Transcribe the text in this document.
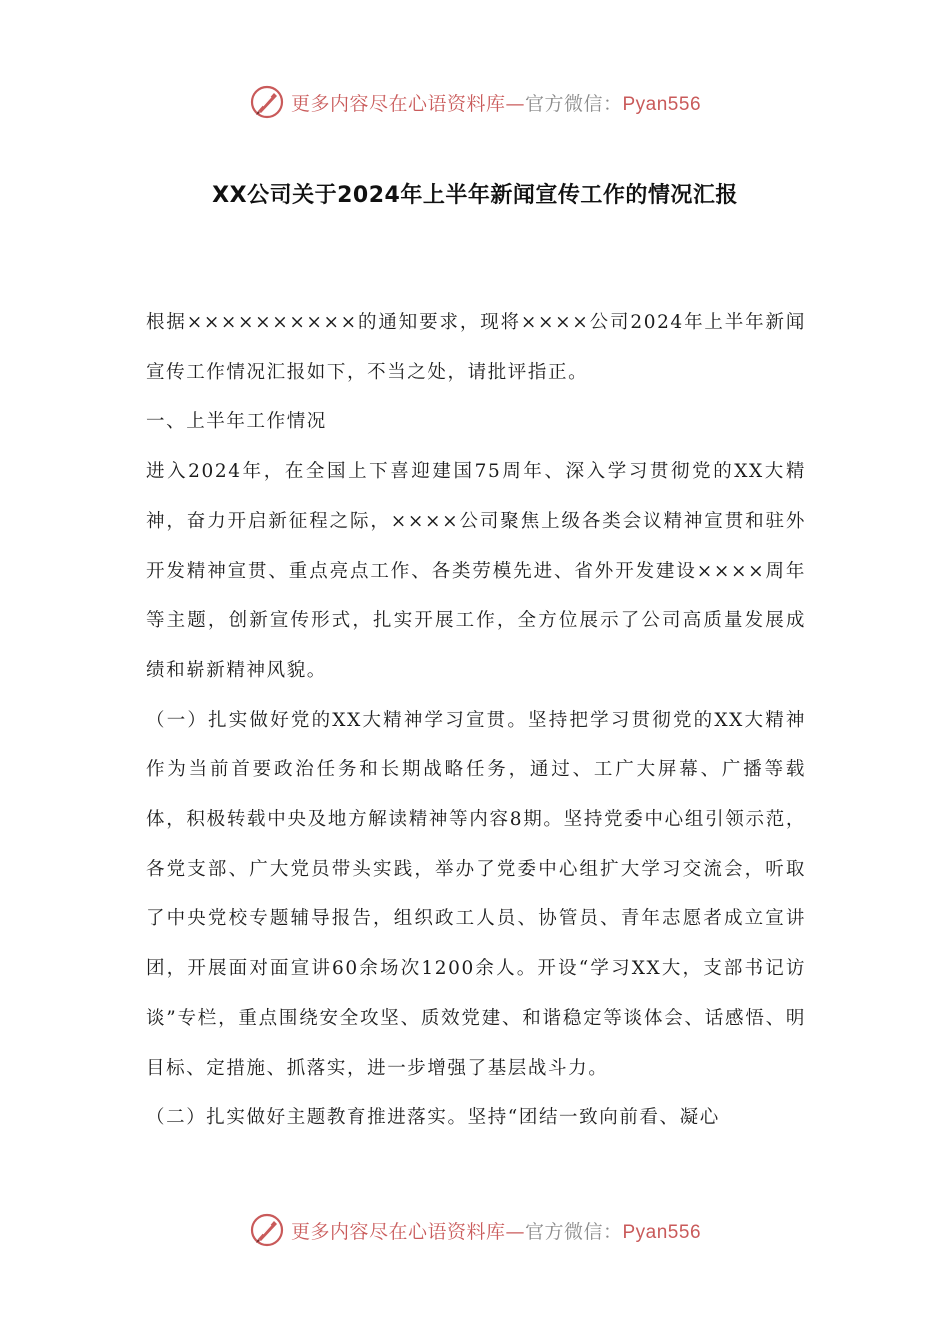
更多内容尽在心语资料库—官方微信：Pyan556
XX公司关于2024年上半年新闻宣传工作的情况汇报

根据××××××××××的通知要求，现将××××公司2024年上半年新闻宣传工作情况汇报如下，不当之处，请批评指正。

一、上半年工作情况

进入2024年，在全国上下喜迎建国75周年、深入学习贯彻党的XX大精神，奋力开启新征程之际，××××公司聚焦上级各类会议精神宣贯和驻外开发精神宣贯、重点亮点工作、各类劳模先进、省外开发建设××××周年等主题，创新宣传形式，扎实开展工作，全方位展示了公司高质量发展成绩和崭新精神风貌。

（一）扎实做好党的XX大精神学习宣贯。坚持把学习贯彻党的XX大精神作为当前首要政治任务和长期战略任务，通过、工广大屏幕、广播等载体，积极转载中央及地方解读精神等内容8期。坚持党委中心组引领示范，各党支部、广大党员带头实践，举办了党委中心组扩大学习交流会，听取了中央党校专题辅导报告，组织政工人员、协管员、青年志愿者成立宣讲团，开展面对面宣讲60余场次1200余人。开设“学习XX大，支部书记访谈”专栏，重点围绕安全攻坚、质效党建、和谐稳定等谈体会、话感悟、明目标、定措施、抓落实，进一步增强了基层战斗力。

（二）扎实做好主题教育推进落实。坚持“团结一致向前看、凝心

更多内容尽在心语资料库—官方微信：Pyan556
